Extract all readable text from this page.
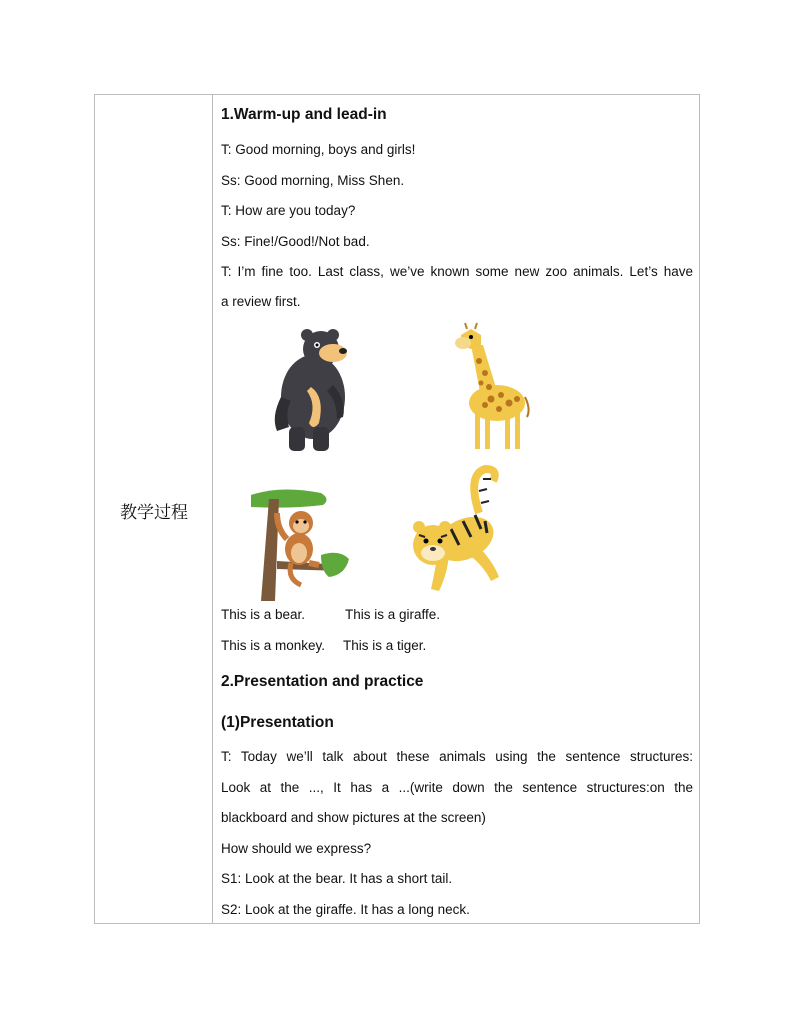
教学过程
1.Warm-up and lead-in
T: Good morning, boys and girls!
Ss: Good morning, Miss Shen.
T: How are you today?
Ss: Fine!/Good!/Not bad.
T: I’m fine too. Last class, we’ve known some new zoo animals. Let’s have
a review first.
This is a bear.	This is a giraffe.
This is a monkey. This is a tiger.
2.Presentation and practice
(1)Presentation
T: Today we’ll talk about these animals using the sentence structures:
Look at the ..., It has a ...(write down the sentence structures:on the
blackboard and show pictures at the screen)
How should we express?
S1: Look at the bear. It has a short tail.
S2: Look at the giraffe. It has a long neck.
